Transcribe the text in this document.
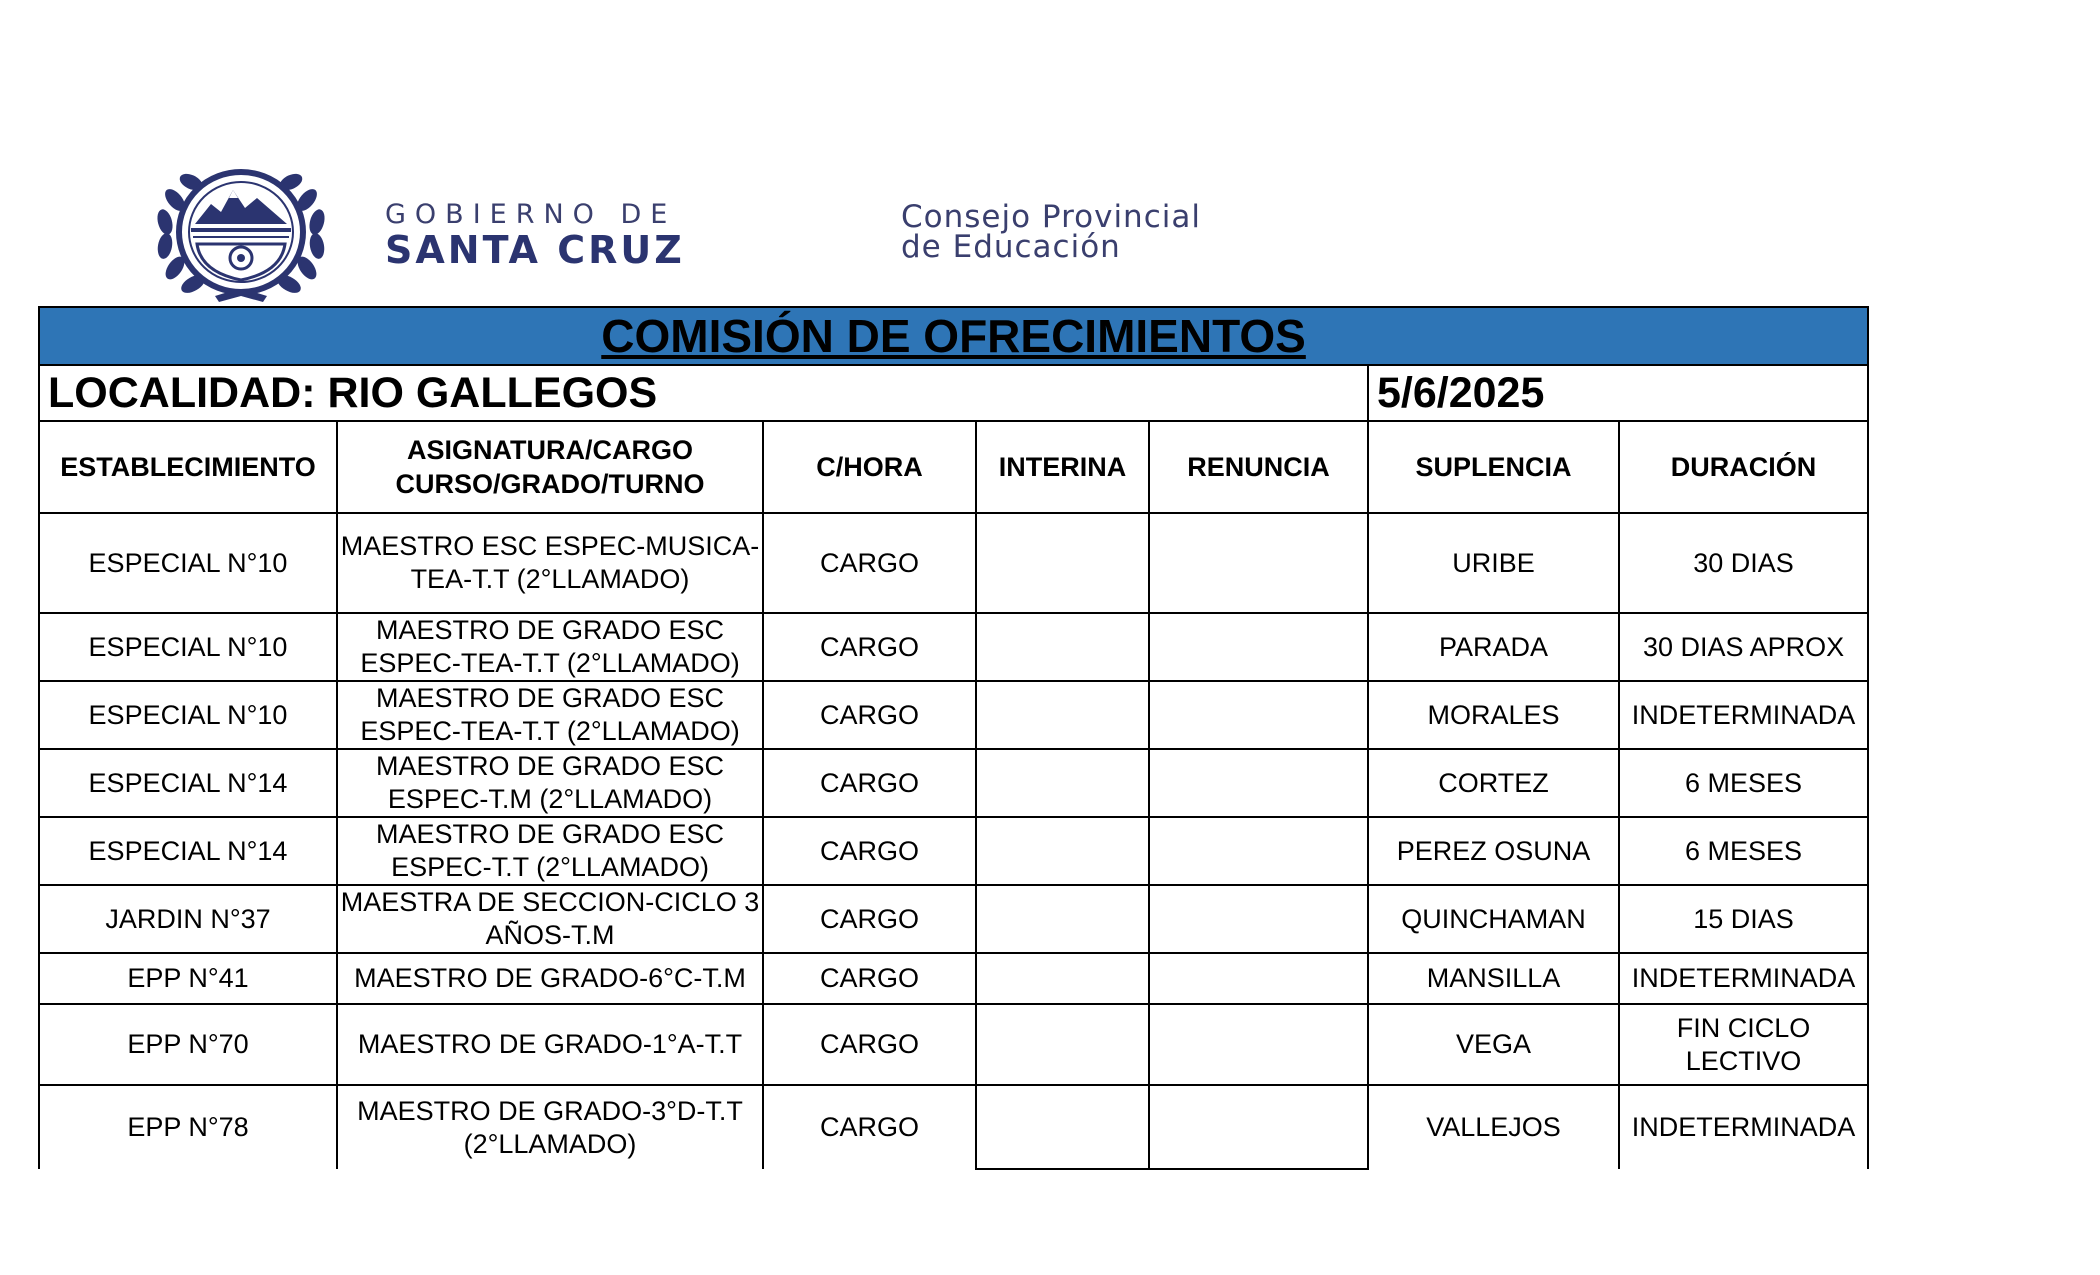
GOBIERNO DE
SANTA CRUZ
Consejo Provincial
de Educación
COMISIÓN DE OFRECIMIENTOS						
LOCALIDAD: RIO GALLEGOS					5/6/2025	
ESTABLECIMIENTO	ASIGNATURA/CARGO CURSO/GRADO/TURNO	C/HORA	INTERINA	RENUNCIA	SUPLENCIA	DURACIÓN
ESPECIAL N°10	MAESTRO ESC ESPEC-MUSICA-TEA-T.T (2°LLAMADO)	CARGO			URIBE	30 DIAS
ESPECIAL N°10	MAESTRO DE GRADO ESC ESPEC-TEA-T.T (2°LLAMADO)	CARGO			PARADA	30 DIAS APROX
ESPECIAL N°10	MAESTRO DE GRADO ESC ESPEC-TEA-T.T (2°LLAMADO)	CARGO			MORALES	INDETERMINADA
ESPECIAL N°14	MAESTRO DE GRADO ESC ESPEC-T.M (2°LLAMADO)	CARGO			CORTEZ	6 MESES
ESPECIAL N°14	MAESTRO DE GRADO ESC ESPEC-T.T (2°LLAMADO)	CARGO			PEREZ OSUNA	6 MESES
JARDIN N°37	MAESTRA DE SECCION-CICLO 3 AÑOS-T.M	CARGO			QUINCHAMAN	15 DIAS
EPP N°41	MAESTRO DE GRADO-6°C-T.M	CARGO			MANSILLA	INDETERMINADA
EPP N°70	MAESTRO DE GRADO-1°A-T.T	CARGO			VEGA	FIN CICLO LECTIVO
EPP N°78	MAESTRO DE GRADO-3°D-T.T (2°LLAMADO)	CARGO			VALLEJOS	INDETERMINADA
